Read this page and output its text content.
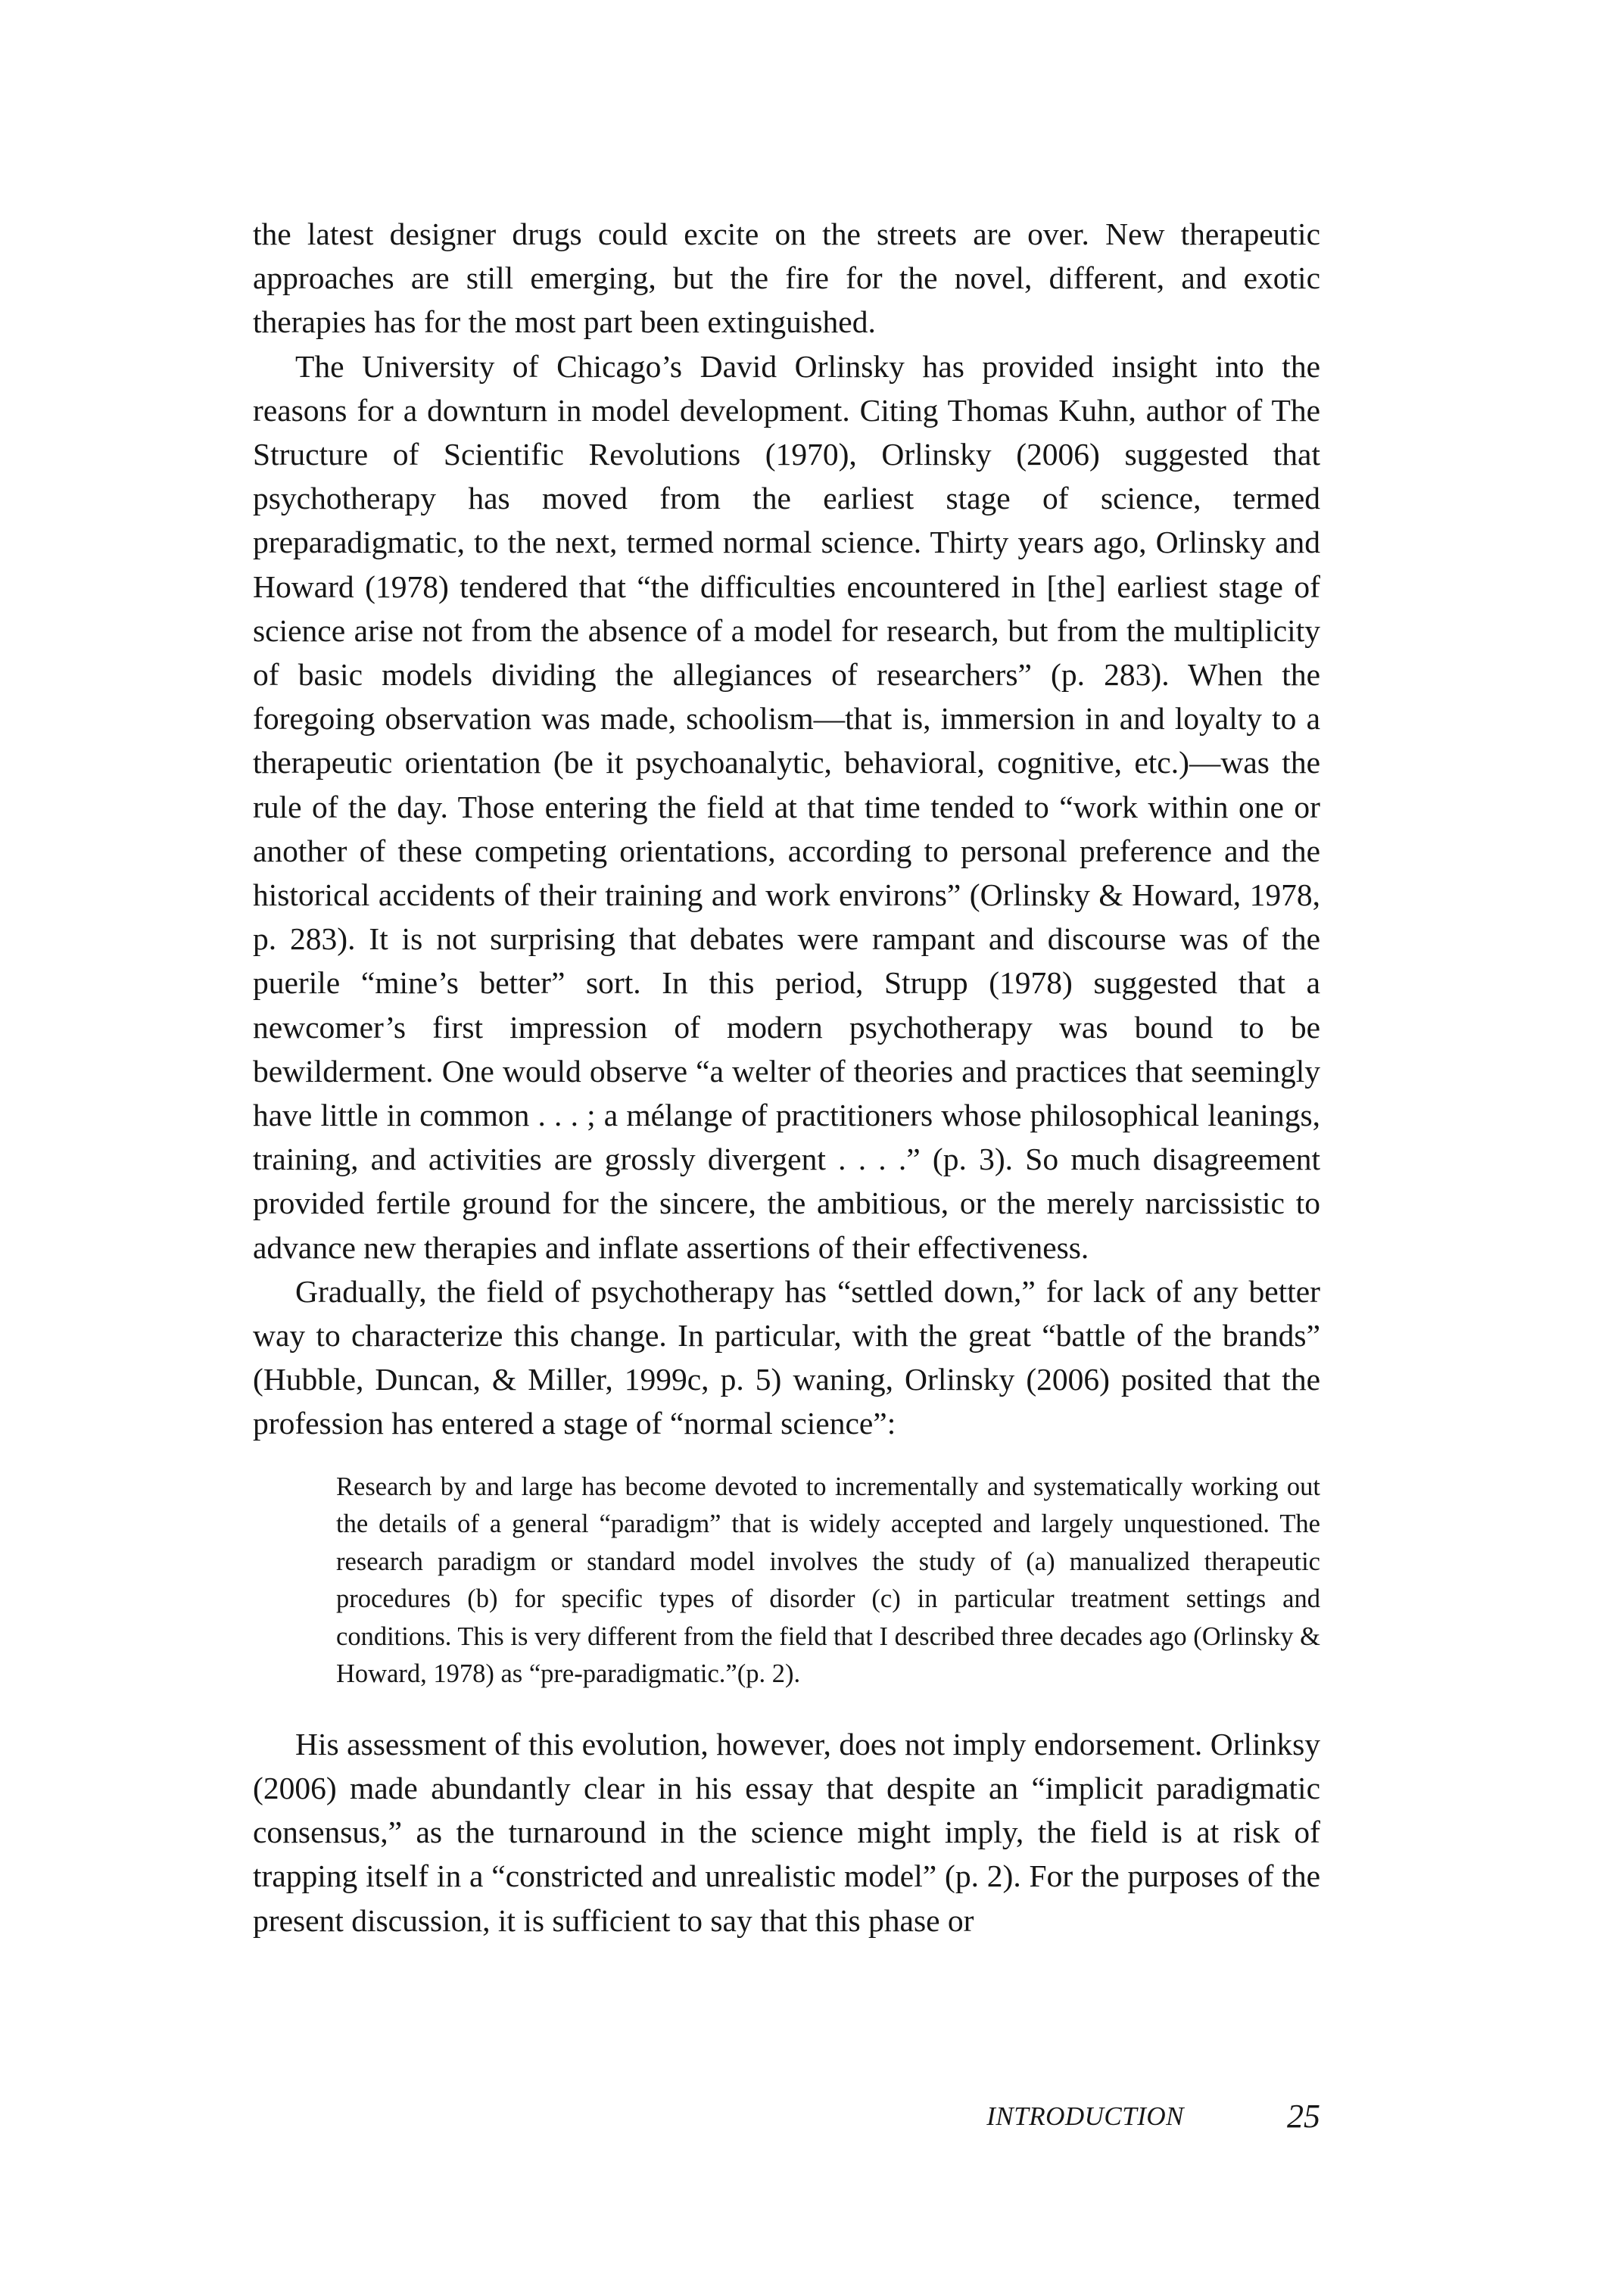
the latest designer drugs could excite on the streets are over. New therapeutic approaches are still emerging, but the fire for the novel, different, and exotic therapies has for the most part been extinguished.

The University of Chicago’s David Orlinsky has provided insight into the reasons for a downturn in model development. Citing Thomas Kuhn, author of The Structure of Scientific Revolutions (1970), Orlinsky (2006) suggested that psychotherapy has moved from the earliest stage of science, termed preparadigmatic, to the next, termed normal science. Thirty years ago, Orlinsky and Howard (1978) tendered that “the difficulties encountered in [the] earliest stage of science arise not from the absence of a model for research, but from the multiplicity of basic models dividing the allegiances of researchers” (p. 283). When the foregoing observation was made, schoolism—that is, immersion in and loyalty to a therapeutic orientation (be it psychoanalytic, behavioral, cognitive, etc.)—was the rule of the day. Those entering the field at that time tended to “work within one or another of these competing orientations, according to personal preference and the historical accidents of their training and work environs” (Orlinsky & Howard, 1978, p. 283). It is not surprising that debates were rampant and discourse was of the puerile “mine’s better” sort. In this period, Strupp (1978) suggested that a newcomer’s first impression of modern psychotherapy was bound to be bewilderment. One would observe “a welter of theories and practices that seemingly have little in common . . . ; a mélange of practitioners whose philosophical leanings, training, and activities are grossly divergent . . . .” (p. 3). So much disagreement provided fertile ground for the sincere, the ambitious, or the merely narcissistic to advance new therapies and inflate assertions of their effectiveness.

Gradually, the field of psychotherapy has “settled down,” for lack of any better way to characterize this change. In particular, with the great “battle of the brands” (Hubble, Duncan, & Miller, 1999c, p. 5) waning, Orlinsky (2006) posited that the profession has entered a stage of “normal science”:

Research by and large has become devoted to incrementally and systematically working out the details of a general “paradigm” that is widely accepted and largely unquestioned. The research paradigm or standard model involves the study of (a) manualized therapeutic procedures (b) for specific types of disorder (c) in particular treatment settings and conditions. This is very different from the field that I described three decades ago (Orlinsky & Howard, 1978) as “pre-paradigmatic.”(p. 2).

His assessment of this evolution, however, does not imply endorsement. Orlinksy (2006) made abundantly clear in his essay that despite an “implicit paradigmatic consensus,” as the turnaround in the science might imply, the field is at risk of trapping itself in a “constricted and unrealistic model” (p. 2). For the purposes of the present discussion, it is sufficient to say that this phase or

INTRODUCTION	25
